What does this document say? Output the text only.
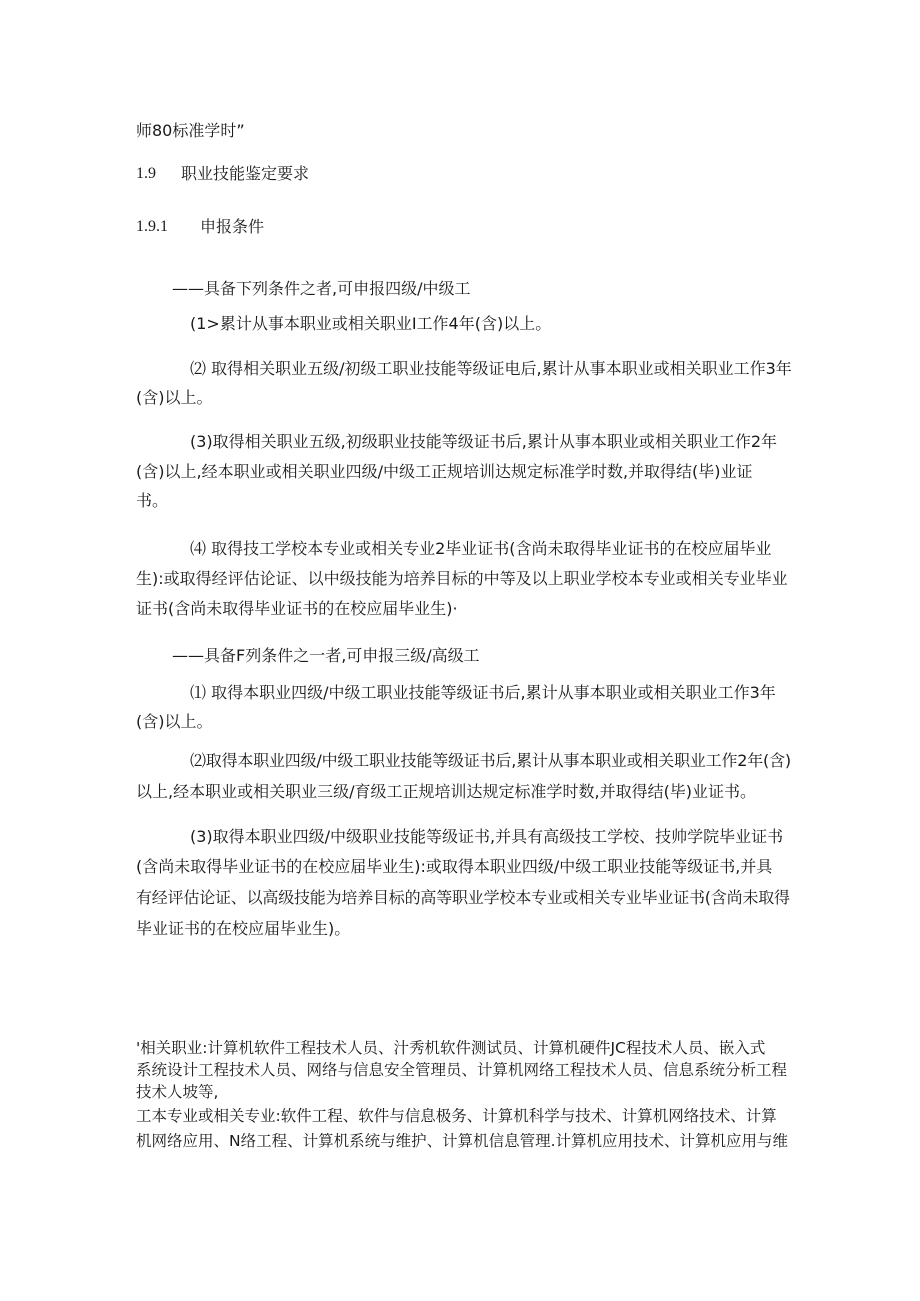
师80标准学时”
1.9 职业技能鉴定要求
1.9.1 申报条件
——具备下列条件之者,可申报四级/中级工
(1>累计从事本职业或相关职业I工作4年(含)以上。
⑵ 取得相关职业五级/初级工职业技能等级证电后,累计从事本职业或相关职业工作3年
(含)以上。
(3)取得相关职业五级,初级职业技能等级证书后,累计从事本职业或相关职业工作2年
(含)以上,经本职业或相关职业四级/中级工正规培训达规定标准学时数,并取得结(毕)业证
书。
⑷ 取得技工学校本专业或相关专业2毕业证书(含尚未取得毕业证书的在校应届毕业
生):或取得经评估论证、以中级技能为培养目标的中等及以上职业学校本专业或相关专业毕业
证书(含尚未取得毕业证书的在校应届毕业生)·
——具备F列条件之一者,可申报三级/高级工
⑴ 取得本职业四级/中级工职业技能等级证书后,累计从事本职业或相关职业工作3年
(含)以上。
⑵取得本职业四级/中级工职业技能等级证书后,累计从事本职业或相关职业工作2年(含)
以上,经本职业或相关职业三级/育级工正规培训达规定标准学时数,并取得结(毕)业证书。
(3)取得本职业四级/中级职业技能等级证书,并具有高级技工学校、技帅学院毕业证书
(含尚未取得毕业证书的在校应届毕业生):或取得本职业四级/中级工职业技能等级证书,并具
有经评估论证、以高级技能为培养目标的高等职业学校本专业或相关专业毕业证书(含尚未取得
毕业证书的在校应届毕业生)。
'相关职业:计算机软件工程技术人员、汁秀机软件测试员、计算机硬件JC程技术人员、嵌入式
系统设计工程技术人员、网络与信息安全管理员、计算机网络工程技术人员、信息系统分析工程
技术人坡等,
工本专业或相关专业:软件工程、软件与信息极务、计算机科学与技术、计算机网络技术、计算
机网络应用、N络工程、计算机系统与维护、计算机信息管理.计算机应用技术、计算机应用与维
